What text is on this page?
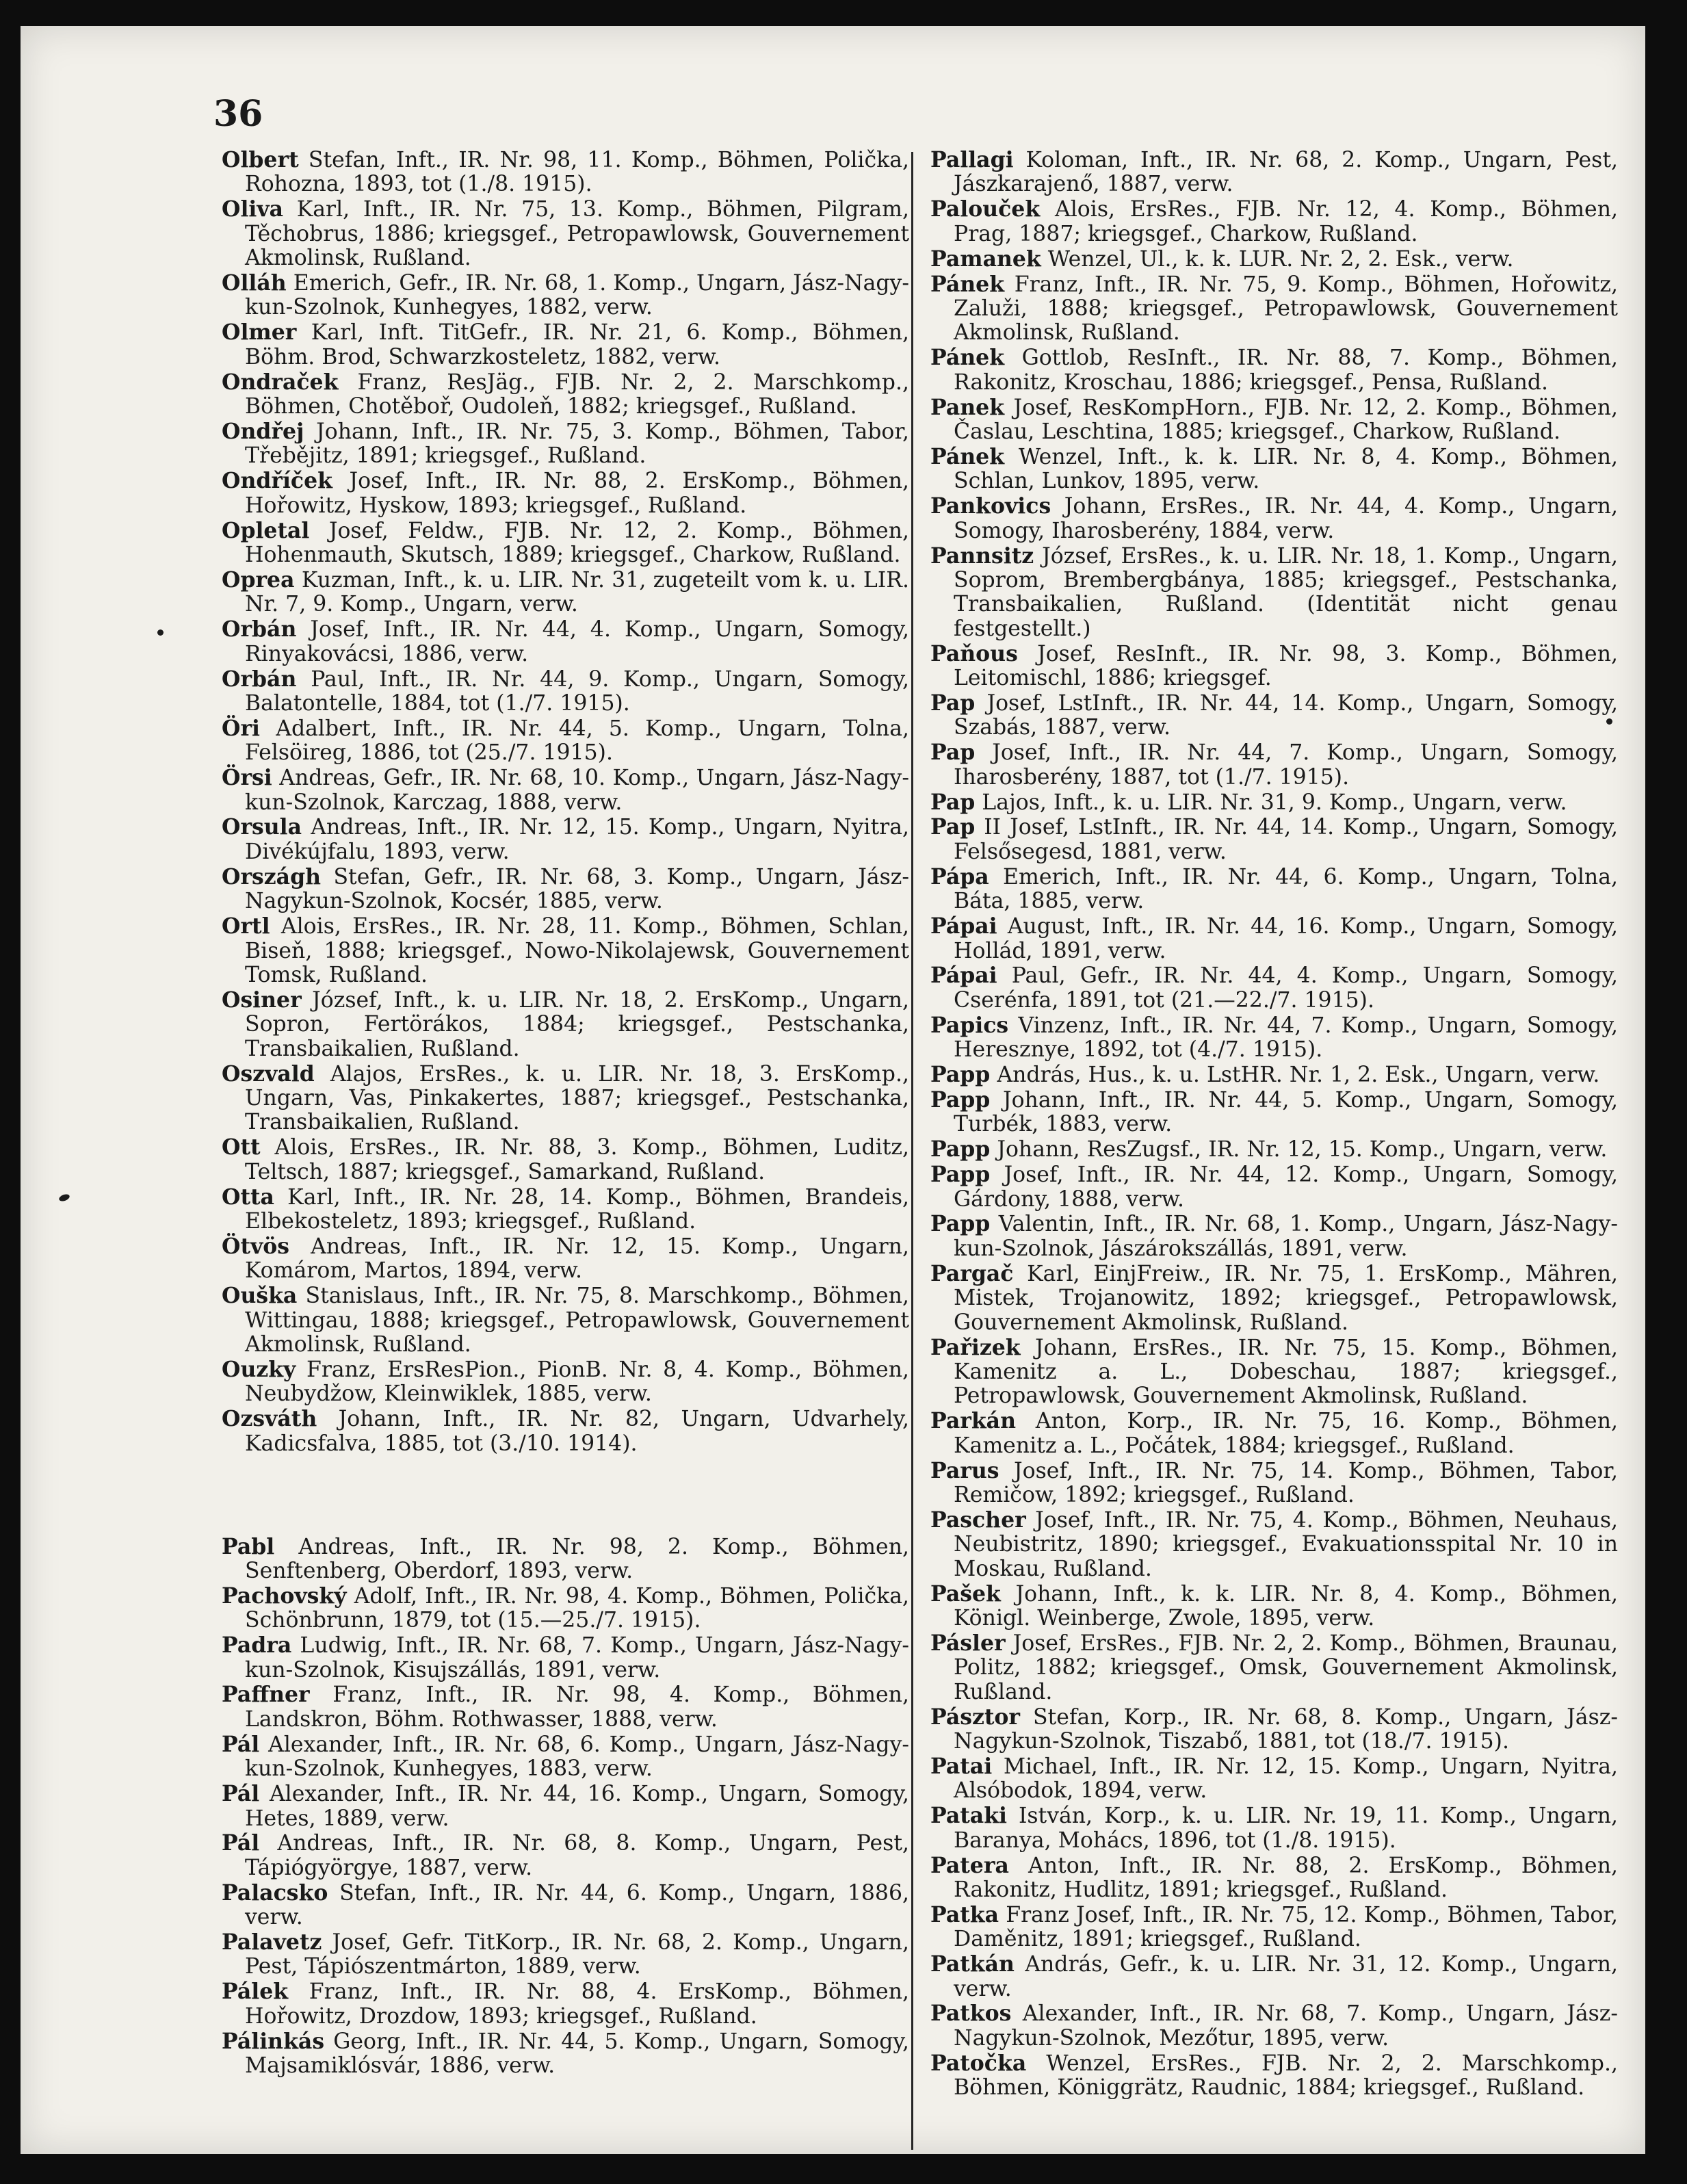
36
Olbert Stefan, Inft., IR. Nr. 98, 11. Komp., Böhmen, Polička, Rohozna, 1893, tot (1./8. 1915).
Oliva Karl, Inft., IR. Nr. 75, 13. Komp., Böhmen, Pilgram, Těchobrus, 1886; kriegsgef., Petropawlowsk, Gouvernement Akmolinsk, Rußland.
Olláh Emerich, Gefr., IR. Nr. 68, 1. Komp., Ungarn, Jász-Nagy-kun-Szolnok, Kunhegyes, 1882, verw.
Olmer Karl, Inft. TitGefr., IR. Nr. 21, 6. Komp., Böhmen, Böhm. Brod, Schwarzkosteletz, 1882, verw.
Ondraček Franz, ResJäg., FJB. Nr. 2, 2. Marschkomp., Böhmen, Chotěboř, Oudoleň, 1882; kriegsgef., Rußland.
Ondřej Johann, Inft., IR. Nr. 75, 3. Komp., Böhmen, Tabor, Třebějitz, 1891; kriegsgef., Rußland.
Ondříček Josef, Inft., IR. Nr. 88, 2. ErsKomp., Böhmen, Hořowitz, Hyskow, 1893; kriegsgef., Rußland.
Opletal Josef, Feldw., FJB. Nr. 12, 2. Komp., Böhmen, Hohenmauth, Skutsch, 1889; kriegsgef., Charkow, Rußland.
Oprea Kuzman, Inft., k. u. LIR. Nr. 31, zugeteilt vom k. u. LIR. Nr. 7, 9. Komp., Ungarn, verw.
Orbán Josef, Inft., IR. Nr. 44, 4. Komp., Ungarn, Somogy, Rinyakovácsi, 1886, verw.
Orbán Paul, Inft., IR. Nr. 44, 9. Komp., Ungarn, Somogy, Balatontelle, 1884, tot (1./7. 1915).
Öri Adalbert, Inft., IR. Nr. 44, 5. Komp., Ungarn, Tolna, Felsöireg, 1886, tot (25./7. 1915).
Örsi Andreas, Gefr., IR. Nr. 68, 10. Komp., Ungarn, Jász-Nagy-kun-Szolnok, Karczag, 1888, verw.
Orsula Andreas, Inft., IR. Nr. 12, 15. Komp., Ungarn, Nyitra, Divékújfalu, 1893, verw.
Országh Stefan, Gefr., IR. Nr. 68, 3. Komp., Ungarn, Jász-Nagykun-Szolnok, Kocsér, 1885, verw.
Ortl Alois, ErsRes., IR. Nr. 28, 11. Komp., Böhmen, Schlan, Biseň, 1888; kriegsgef., Nowo-Nikolajewsk, Gouvernement Tomsk, Rußland.
Osiner József, Inft., k. u. LIR. Nr. 18, 2. ErsKomp., Ungarn, Sopron, Fertörákos, 1884; kriegsgef., Pestschanka, Transbaikalien, Rußland.
Oszvald Alajos, ErsRes., k. u. LIR. Nr. 18, 3. ErsKomp., Ungarn, Vas, Pinkakertes, 1887; kriegsgef., Pestschanka, Transbaikalien, Rußland.
Ott Alois, ErsRes., IR. Nr. 88, 3. Komp., Böhmen, Luditz, Teltsch, 1887; kriegsgef., Samarkand, Rußland.
Otta Karl, Inft., IR. Nr. 28, 14. Komp., Böhmen, Brandeis, Elbekosteletz, 1893; kriegsgef., Rußland.
Ötvös Andreas, Inft., IR. Nr. 12, 15. Komp., Ungarn, Komárom, Martos, 1894, verw.
Ouška Stanislaus, Inft., IR. Nr. 75, 8. Marschkomp., Böhmen, Wittingau, 1888; kriegsgef., Petropawlowsk, Gouvernement Akmolinsk, Rußland.
Ouzky Franz, ErsResPion., PionB. Nr. 8, 4. Komp., Böhmen, Neubydžow, Kleinwiklek, 1885, verw.
Ozsváth Johann, Inft., IR. Nr. 82, Ungarn, Udvarhely, Kadicsfalva, 1885, tot (3./10. 1914).
Pabl Andreas, Inft., IR. Nr. 98, 2. Komp., Böhmen, Senftenberg, Oberdorf, 1893, verw.
Pachovský Adolf, Inft., IR. Nr. 98, 4. Komp., Böhmen, Polička, Schönbrunn, 1879, tot (15.—25./7. 1915).
Padra Ludwig, Inft., IR. Nr. 68, 7. Komp., Ungarn, Jász-Nagy-kun-Szolnok, Kisujszállás, 1891, verw.
Paffner Franz, Inft., IR. Nr. 98, 4. Komp., Böhmen, Landskron, Böhm. Rothwasser, 1888, verw.
Pál Alexander, Inft., IR. Nr. 68, 6. Komp., Ungarn, Jász-Nagy-kun-Szolnok, Kunhegyes, 1883, verw.
Pál Alexander, Inft., IR. Nr. 44, 16. Komp., Ungarn, Somogy, Hetes, 1889, verw.
Pál Andreas, Inft., IR. Nr. 68, 8. Komp., Ungarn, Pest, Tápiógyörgye, 1887, verw.
Palacsko Stefan, Inft., IR. Nr. 44, 6. Komp., Ungarn, 1886, verw.
Palavetz Josef, Gefr. TitKorp., IR. Nr. 68, 2. Komp., Ungarn, Pest, Tápiószentmárton, 1889, verw.
Pálek Franz, Inft., IR. Nr. 88, 4. ErsKomp., Böhmen, Hořowitz, Drozdow, 1893; kriegsgef., Rußland.
Pálinkás Georg, Inft., IR. Nr. 44, 5. Komp., Ungarn, Somogy, Majsamiklósvár, 1886, verw.
Pallagi Koloman, Inft., IR. Nr. 68, 2. Komp., Ungarn, Pest, Jászkarajenő, 1887, verw.
Palouček Alois, ErsRes., FJB. Nr. 12, 4. Komp., Böhmen, Prag, 1887; kriegsgef., Charkow, Rußland.
Pamanek Wenzel, Ul., k. k. LUR. Nr. 2, 2. Esk., verw.
Pánek Franz, Inft., IR. Nr. 75, 9. Komp., Böhmen, Hořowitz, Zaluži, 1888; kriegsgef., Petropawlowsk, Gouvernement Akmolinsk, Rußland.
Pánek Gottlob, ResInft., IR. Nr. 88, 7. Komp., Böhmen, Rakonitz, Kroschau, 1886; kriegsgef., Pensa, Rußland.
Panek Josef, ResKompHorn., FJB. Nr. 12, 2. Komp., Böhmen, Časlau, Leschtina, 1885; kriegsgef., Charkow, Rußland.
Pánek Wenzel, Inft., k. k. LIR. Nr. 8, 4. Komp., Böhmen, Schlan, Lunkov, 1895, verw.
Pankovics Johann, ErsRes., IR. Nr. 44, 4. Komp., Ungarn, Somogy, Iharosberény, 1884, verw.
Pannsitz József, ErsRes., k. u. LIR. Nr. 18, 1. Komp., Ungarn, Soprom, Brembergbánya, 1885; kriegsgef., Pestschanka, Transbaikalien, Rußland. (Identität nicht genau festgestellt.)
Paňous Josef, ResInft., IR. Nr. 98, 3. Komp., Böhmen, Leitomischl, 1886; kriegsgef.
Pap Josef, LstInft., IR. Nr. 44, 14. Komp., Ungarn, Somogy, Szabás, 1887, verw.
Pap Josef, Inft., IR. Nr. 44, 7. Komp., Ungarn, Somogy, Iharosberény, 1887, tot (1./7. 1915).
Pap Lajos, Inft., k. u. LIR. Nr. 31, 9. Komp., Ungarn, verw.
Pap II Josef, LstInft., IR. Nr. 44, 14. Komp., Ungarn, Somogy, Felsősegesd, 1881, verw.
Pápa Emerich, Inft., IR. Nr. 44, 6. Komp., Ungarn, Tolna, Báta, 1885, verw.
Pápai August, Inft., IR. Nr. 44, 16. Komp., Ungarn, Somogy, Hollád, 1891, verw.
Pápai Paul, Gefr., IR. Nr. 44, 4. Komp., Ungarn, Somogy, Cserénfa, 1891, tot (21.—22./7. 1915).
Papics Vinzenz, Inft., IR. Nr. 44, 7. Komp., Ungarn, Somogy, Heresznye, 1892, tot (4./7. 1915).
Papp András, Hus., k. u. LstHR. Nr. 1, 2. Esk., Ungarn, verw.
Papp Johann, Inft., IR. Nr. 44, 5. Komp., Ungarn, Somogy, Turbék, 1883, verw.
Papp Johann, ResZugsf., IR. Nr. 12, 15. Komp., Ungarn, verw.
Papp Josef, Inft., IR. Nr. 44, 12. Komp., Ungarn, Somogy, Gárdony, 1888, verw.
Papp Valentin, Inft., IR. Nr. 68, 1. Komp., Ungarn, Jász-Nagy-kun-Szolnok, Jászárokszállás, 1891, verw.
Pargač Karl, EinjFreiw., IR. Nr. 75, 1. ErsKomp., Mähren, Mistek, Trojanowitz, 1892; kriegsgef., Petropawlowsk, Gouvernement Akmolinsk, Rußland.
Pařizek Johann, ErsRes., IR. Nr. 75, 15. Komp., Böhmen, Kamenitz a. L., Dobeschau, 1887; kriegsgef., Petropawlowsk, Gouvernement Akmolinsk, Rußland.
Parkán Anton, Korp., IR. Nr. 75, 16. Komp., Böhmen, Kamenitz a. L., Počátek, 1884; kriegsgef., Rußland.
Parus Josef, Inft., IR. Nr. 75, 14. Komp., Böhmen, Tabor, Remičow, 1892; kriegsgef., Rußland.
Pascher Josef, Inft., IR. Nr. 75, 4. Komp., Böhmen, Neuhaus, Neubistritz, 1890; kriegsgef., Evakuationsspital Nr. 10 in Moskau, Rußland.
Pašek Johann, Inft., k. k. LIR. Nr. 8, 4. Komp., Böhmen, Königl. Weinberge, Zwole, 1895, verw.
Pásler Josef, ErsRes., FJB. Nr. 2, 2. Komp., Böhmen, Braunau, Politz, 1882; kriegsgef., Omsk, Gouvernement Akmolinsk, Rußland.
Pásztor Stefan, Korp., IR. Nr. 68, 8. Komp., Ungarn, Jász-Nagykun-Szolnok, Tiszabő, 1881, tot (18./7. 1915).
Patai Michael, Inft., IR. Nr. 12, 15. Komp., Ungarn, Nyitra, Alsóbodok, 1894, verw.
Pataki István, Korp., k. u. LIR. Nr. 19, 11. Komp., Ungarn, Baranya, Mohács, 1896, tot (1./8. 1915).
Patera Anton, Inft., IR. Nr. 88, 2. ErsKomp., Böhmen, Rakonitz, Hudlitz, 1891; kriegsgef., Rußland.
Patka Franz Josef, Inft., IR. Nr. 75, 12. Komp., Böhmen, Tabor, Daměnitz, 1891; kriegsgef., Rußland.
Patkán András, Gefr., k. u. LIR. Nr. 31, 12. Komp., Ungarn, verw.
Patkos Alexander, Inft., IR. Nr. 68, 7. Komp., Ungarn, Jász-Nagykun-Szolnok, Mezőtur, 1895, verw.
Patočka Wenzel, ErsRes., FJB. Nr. 2, 2. Marschkomp., Böhmen, Königgrätz, Raudnic, 1884; kriegsgef., Rußland.
